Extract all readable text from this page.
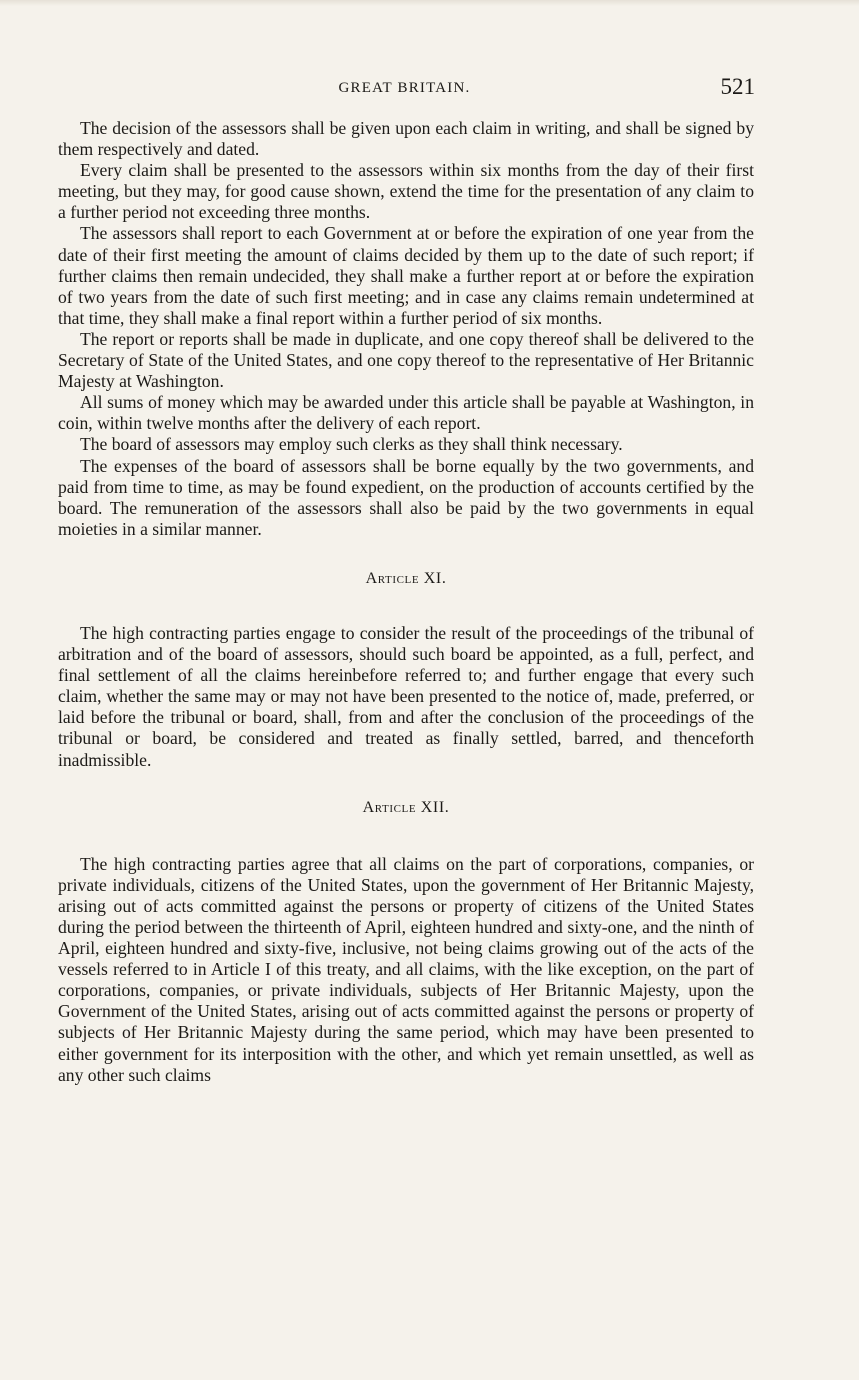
GREAT BRITAIN.	521

The decision of the assessors shall be given upon each claim in writing, and shall be signed by them respectively and dated.

Every claim shall be presented to the assessors within six months from the day of their first meeting, but they may, for good cause shown, extend the time for the presentation of any claim to a further period not exceeding three months.

The assessors shall report to each Government at or before the expiration of one year from the date of their first meeting the amount of claims decided by them up to the date of such report; if further claims then remain undecided, they shall make a further report at or before the expiration of two years from the date of such first meeting; and in case any claims remain undetermined at that time, they shall make a final report within a further period of six months.

The report or reports shall be made in duplicate, and one copy thereof shall be delivered to the Secretary of State of the United States, and one copy thereof to the representative of Her Britannic Majesty at Washington.

All sums of money which may be awarded under this article shall be payable at Washington, in coin, within twelve months after the delivery of each report.

The board of assessors may employ such clerks as they shall think necessary.

The expenses of the board of assessors shall be borne equally by the two governments, and paid from time to time, as may be found expedient, on the production of accounts certified by the board. The remuneration of the assessors shall also be paid by the two governments in equal moieties in a similar manner.

Article XI.

The high contracting parties engage to consider the result of the proceedings of the tribunal of arbitration and of the board of assessors, should such board be appointed, as a full, perfect, and final settlement of all the claims hereinbefore referred to; and further engage that every such claim, whether the same may or may not have been presented to the notice of, made, preferred, or laid before the tribunal or board, shall, from and after the conclusion of the proceedings of the tribunal or board, be considered and treated as finally settled, barred, and thenceforth inadmissible.

Article XII.

The high contracting parties agree that all claims on the part of corporations, companies, or private individuals, citizens of the United States, upon the government of Her Britannic Majesty, arising out of acts committed against the persons or property of citizens of the United States during the period between the thirteenth of April, eighteen hundred and sixty-one, and the ninth of April, eighteen hundred and sixty-five, inclusive, not being claims growing out of the acts of the vessels referred to in Article I of this treaty, and all claims, with the like exception, on the part of corporations, companies, or private individuals, subjects of Her Britannic Majesty, upon the Government of the United States, arising out of acts committed against the persons or property of subjects of Her Britannic Majesty during the same period, which may have been presented to either government for its interposition with the other, and which yet remain unsettled, as well as any other such claims
